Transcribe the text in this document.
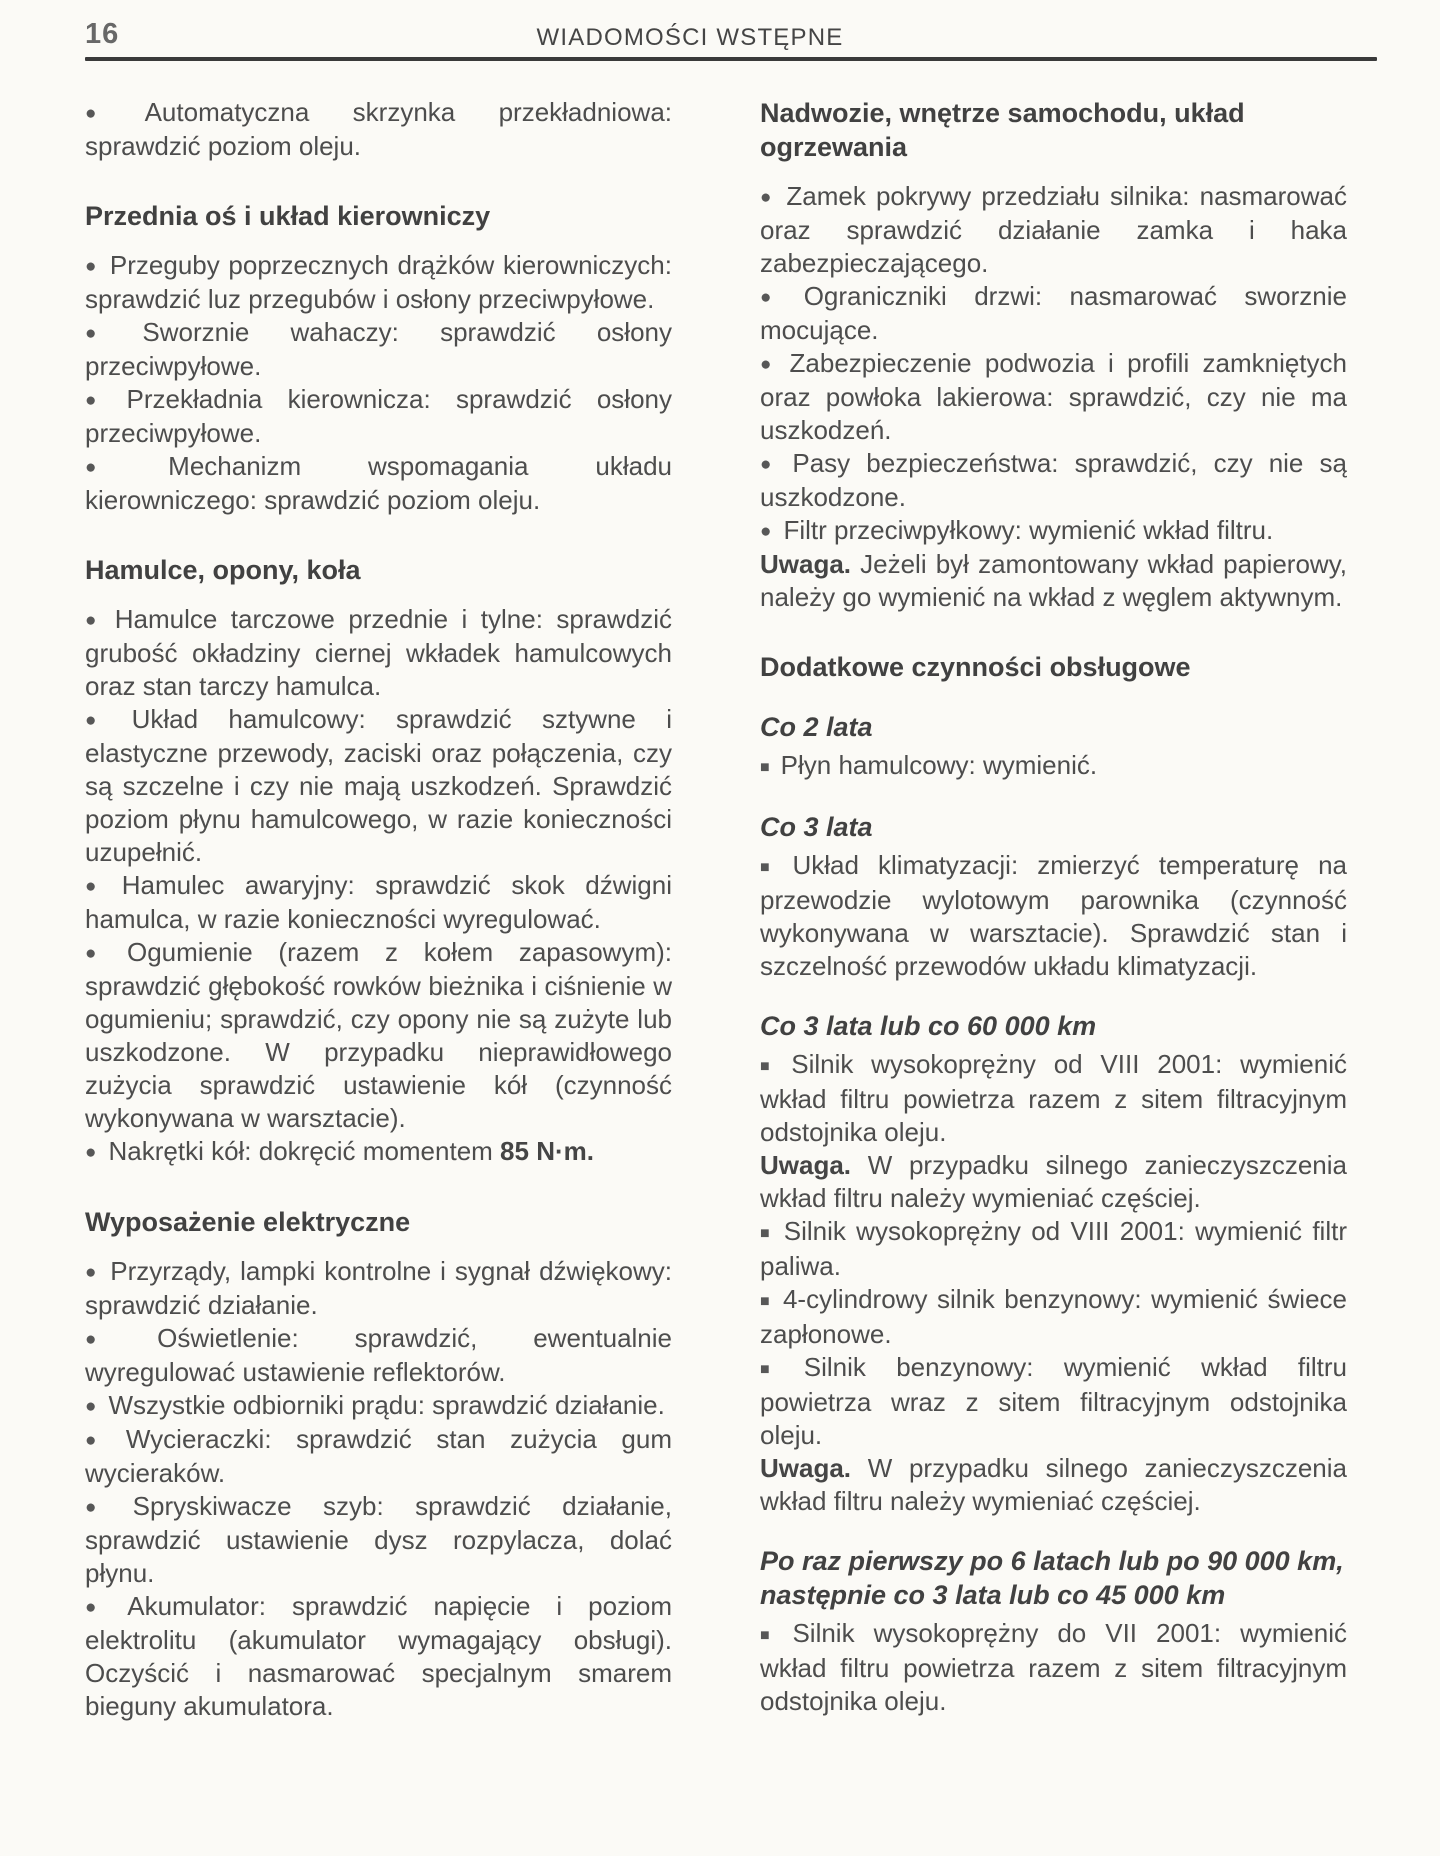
16	WIADOMOŚCI WSTĘPNE

● Automatyczna skrzynka przekładniowa: sprawdzić poziom oleju.

Przednia oś i układ kierowniczy

● Przeguby poprzecznych drążków kierowniczych: sprawdzić luz przegubów i osłony przeciwpyłowe.

● Sworznie wahaczy: sprawdzić osłony przeciwpyłowe.

● Przekładnia kierownicza: sprawdzić osłony przeciwpyłowe.

● Mechanizm wspomagania układu kierowniczego: sprawdzić poziom oleju.

Hamulce, opony, koła

● Hamulce tarczowe przednie i tylne: sprawdzić grubość okładziny ciernej wkładek hamulcowych oraz stan tarczy hamulca.

● Układ hamulcowy: sprawdzić sztywne i elastyczne przewody, zaciski oraz połączenia, czy są szczelne i czy nie mają uszkodzeń. Sprawdzić poziom płynu hamulcowego, w razie konieczności uzupełnić.

● Hamulec awaryjny: sprawdzić skok dźwigni hamulca, w razie konieczności wyregulować.

● Ogumienie (razem z kołem zapasowym): sprawdzić głębokość rowków bieżnika i ciśnienie w ogumieniu; sprawdzić, czy opony nie są zużyte lub uszkodzone. W przypadku nieprawidłowego zużycia sprawdzić ustawienie kół (czynność wykonywana w warsztacie).

● Nakrętki kół: dokręcić momentem 85 N·m.

Wyposażenie elektryczne

● Przyrządy, lampki kontrolne i sygnał dźwiękowy: sprawdzić działanie.

● Oświetlenie: sprawdzić, ewentualnie wyregulować ustawienie reflektorów.

● Wszystkie odbiorniki prądu: sprawdzić działanie.

● Wycieraczki: sprawdzić stan zużycia gum wycieraków.

● Spryskiwacze szyb: sprawdzić działanie, sprawdzić ustawienie dysz rozpylacza, dolać płynu.

● Akumulator: sprawdzić napięcie i poziom elektrolitu (akumulator wymagający obsługi). Oczyścić i nasmarować specjalnym smarem bieguny akumulatora.

Nadwozie, wnętrze samochodu, układ ogrzewania

● Zamek pokrywy przedziału silnika: nasmarować oraz sprawdzić działanie zamka i haka zabezpieczającego.

● Ograniczniki drzwi: nasmarować sworznie mocujące.

● Zabezpieczenie podwozia i profili zamkniętych oraz powłoka lakierowa: sprawdzić, czy nie ma uszkodzeń.

● Pasy bezpieczeństwa: sprawdzić, czy nie są uszkodzone.

● Filtr przeciwpyłkowy: wymienić wkład filtru.

Uwaga. Jeżeli był zamontowany wkład papierowy, należy go wymienić na wkład z węglem aktywnym.

Dodatkowe czynności obsługowe
Co 2 lata

■ Płyn hamulcowy: wymienić.

Co 3 lata

■ Układ klimatyzacji: zmierzyć temperaturę na przewodzie wylotowym parownika (czynność wykonywana w warsztacie). Sprawdzić stan i szczelność przewodów układu klimatyzacji.

Co 3 lata lub co 60 000 km

■ Silnik wysokoprężny od VIII 2001: wymienić wkład filtru powietrza razem z sitem filtracyjnym odstojnika oleju.

Uwaga. W przypadku silnego zanieczyszczenia wkład filtru należy wymieniać częściej.

■ Silnik wysokoprężny od VIII 2001: wymienić filtr paliwa.

■ 4-cylindrowy silnik benzynowy: wymienić świece zapłonowe.

■ Silnik benzynowy: wymienić wkład filtru powietrza wraz z sitem filtracyjnym odstojnika oleju.

Uwaga. W przypadku silnego zanieczyszczenia wkład filtru należy wymieniać częściej.

Po raz pierwszy po 6 latach lub po 90 000 km, następnie co 3 lata lub co 45 000 km

■ Silnik wysokoprężny do VII 2001: wymienić wkład filtru powietrza razem z sitem filtracyjnym odstojnika oleju.
